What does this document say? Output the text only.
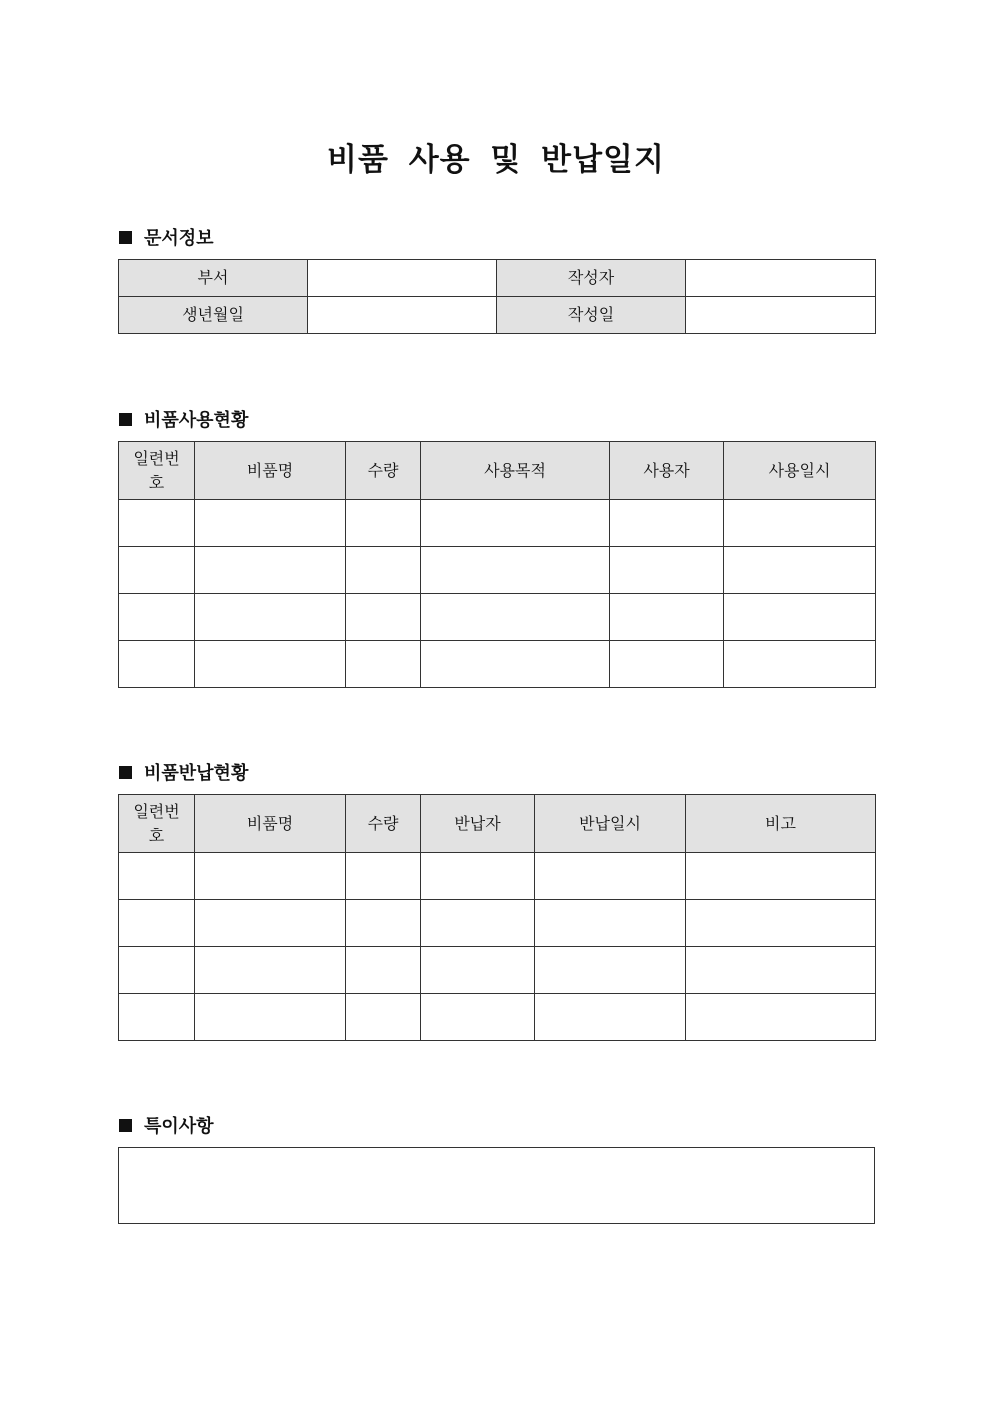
비품 사용 및 반납일지
문서정보
부서		작성자	
생년월일		작성일	
비품사용현황
일련번호	비품명	수량	사용목적	사용자	사용일시

비품반납현황
일련번호	비품명	수량	반납자	반납일시	비고

특이사항
